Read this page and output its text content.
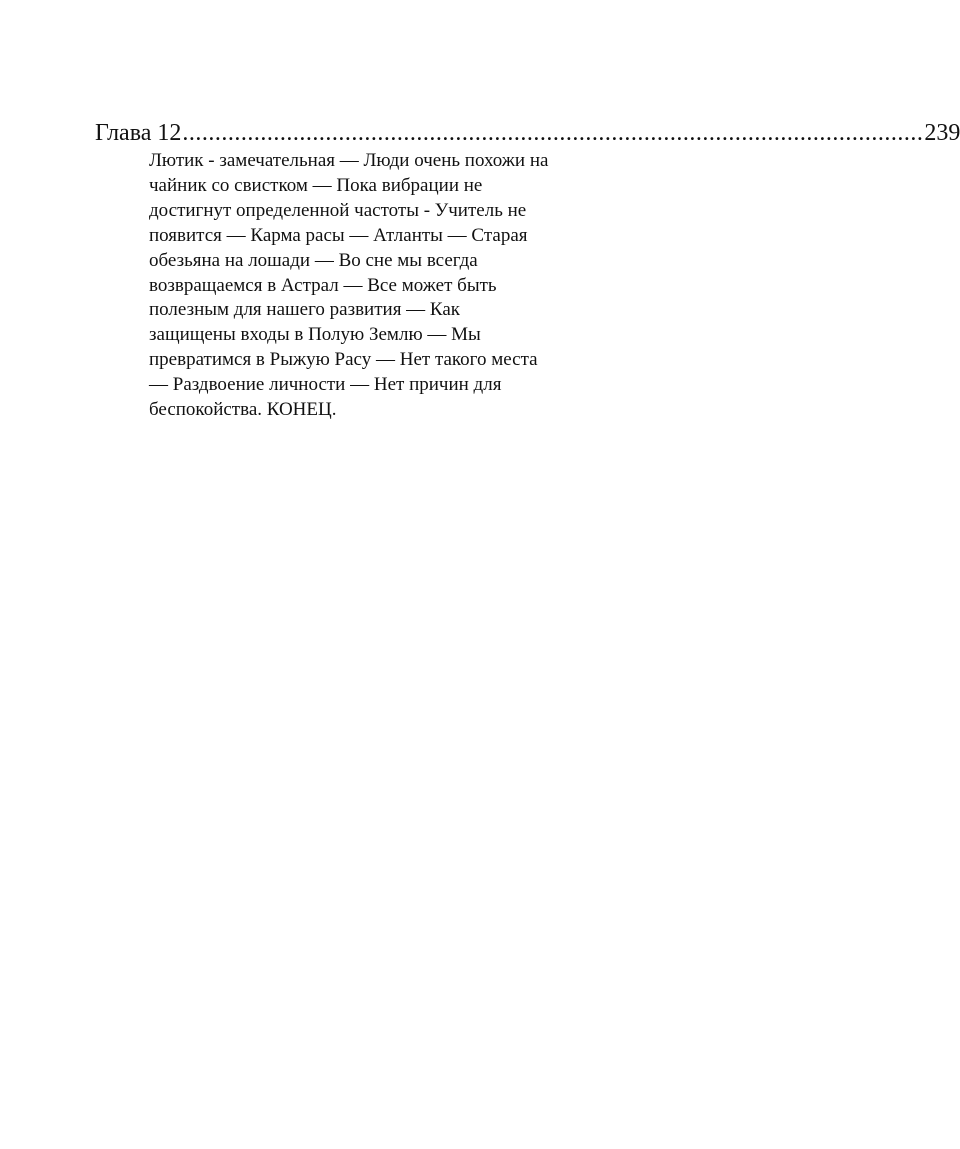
Глава 12 .................................................................................................................. 239

Лютик - замечательная — Люди очень похожи на
чайник со свистком — Пока вибрации не
достигнут определенной частоты - Учитель не
появится — Карма расы — Атланты — Старая
обезьяна на лошади — Во сне мы всегда
возвращаемся в Астрал — Все может быть
полезным для нашего развития — Как
защищены входы в Полую Землю — Мы
превратимся в Рыжую Расу — Нет такого места
— Раздвоение личности — Нет причин для
беспокойства. КОНЕЦ.
